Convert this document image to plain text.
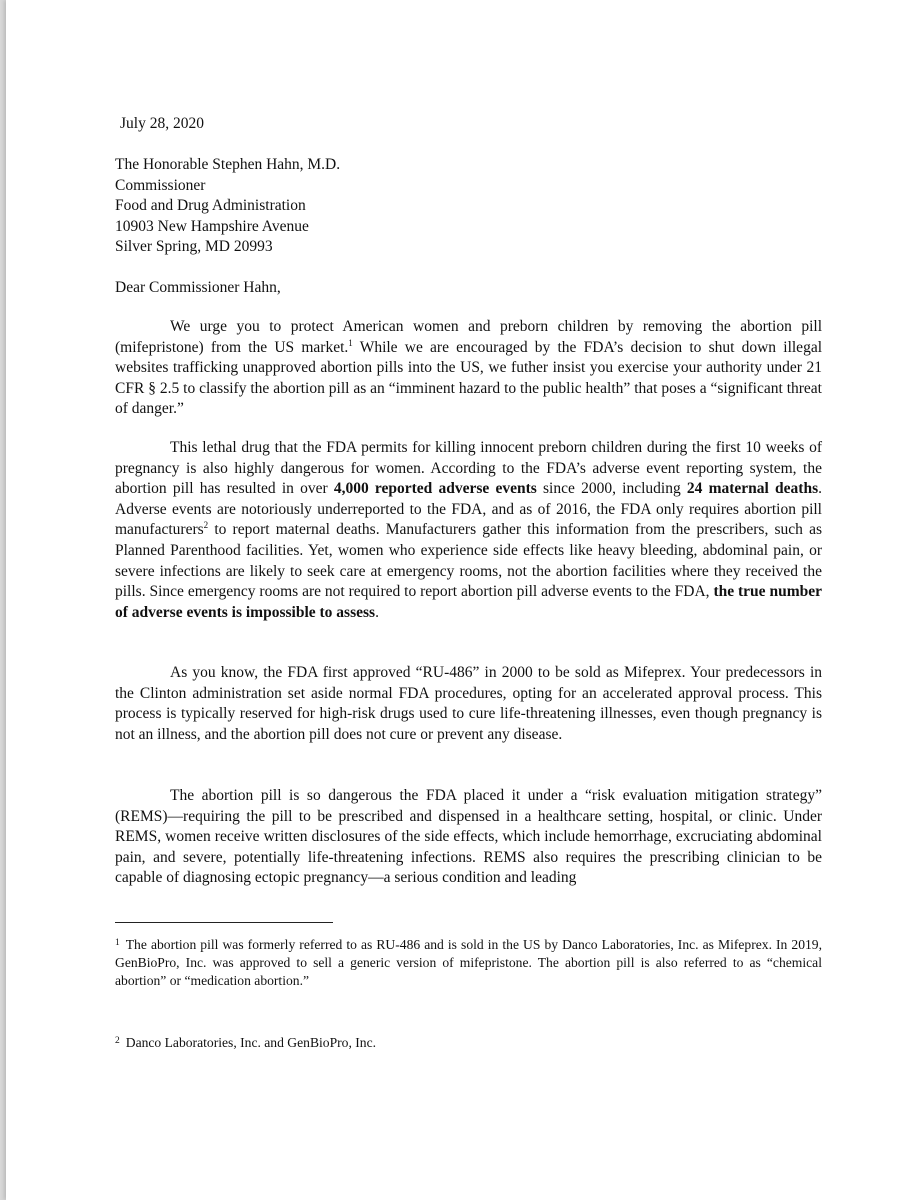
July 28, 2020
The Honorable Stephen Hahn, M.D.
Commissioner
Food and Drug Administration
10903 New Hampshire Avenue
Silver Spring, MD 20993
Dear Commissioner Hahn,

We urge you to protect American women and preborn children by removing the abortion pill (mifepristone) from the US market.$^1$ While we are encouraged by the FDA’s decision to shut down illegal websites trafficking unapproved abortion pills into the US, we futher insist you exercise your authority under 21 CFR § 2.5 to classify the abortion pill as an “imminent hazard to the public health” that poses a “significant threat of danger.”

This lethal drug that the FDA permits for killing innocent preborn children during the first 10 weeks of pregnancy is also highly dangerous for women. According to the FDA’s adverse event reporting system, the abortion pill has resulted in over 4,000 reported adverse events since 2000, including 24 maternal deaths. Adverse events are notoriously underreported to the FDA, and as of 2016, the FDA only requires abortion pill manufacturers$^2$ to report maternal deaths. Manufacturers gather this information from the prescribers, such as Planned Parenthood facilities. Yet, women who experience side effects like heavy bleeding, abdominal pain, or severe infections are likely to seek care at emergency rooms, not the abortion facilities where they received the pills. Since emergency rooms are not required to report abortion pill adverse events to the FDA, the true number of adverse events is impossible to assess.

As you know, the FDA first approved “RU-486” in 2000 to be sold as Mifeprex. Your predecessors in the Clinton administration set aside normal FDA procedures, opting for an accelerated approval process. This process is typically reserved for high-risk drugs used to cure life-threatening illnesses, even though pregnancy is not an illness, and the abortion pill does not cure or prevent any disease.

The abortion pill is so dangerous the FDA placed it under a “risk evaluation mitigation strategy” (REMS)—requiring the pill to be prescribed and dispensed in a healthcare setting, hospital, or clinic. Under REMS, women receive written disclosures of the side effects, which include hemorrhage, excruciating abdominal pain, and severe, potentially life-threatening infections. REMS also requires the prescribing clinician to be capable of diagnosing ectopic pregnancy—a serious condition and leading

$^1$ The abortion pill was formerly referred to as RU-486 and is sold in the US by Danco Laboratories, Inc. as Mifeprex. In 2019, GenBioPro, Inc. was approved to sell a generic version of mifepristone. The abortion pill is also referred to as “chemical abortion” or “medication abortion.”

$^2$ Danco Laboratories, Inc. and GenBioPro, Inc.
